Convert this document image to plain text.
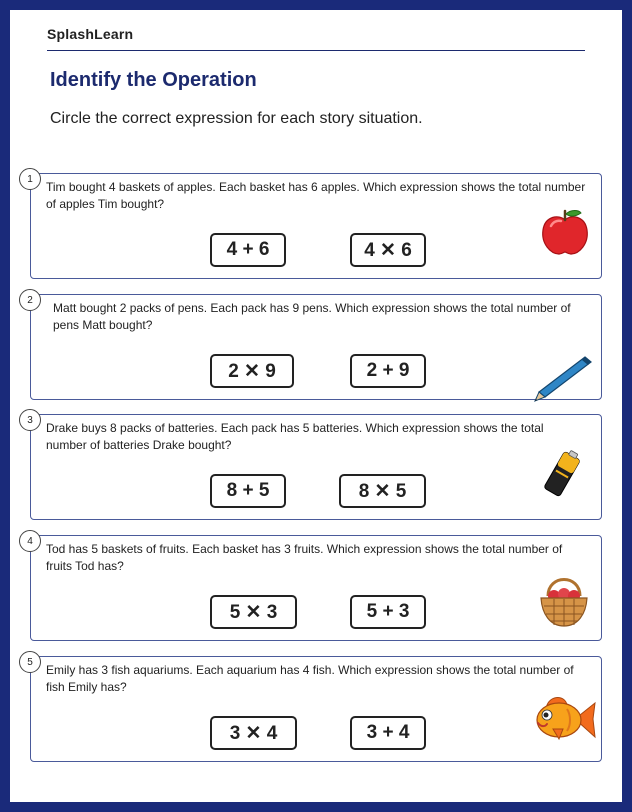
SplashLearn
Identify the Operation
Circle the correct expression for each story situation.
1
Tim bought 4 baskets of apples. Each basket has 6 apples. Which expression shows the total number of apples Tim bought?
4 + 6	4 ✕ 6
2
Matt bought 2 packs of pens. Each pack has 9 pens. Which expression shows the total number of pens Matt bought?
2 ✕ 9	2 + 9
3
Drake buys 8 packs of batteries. Each pack has 5 batteries. Which expression shows the total number of batteries Drake bought?
8 + 5	8 ✕ 5
4
Tod has 5 baskets of fruits. Each basket has 3 fruits. Which expression shows the total number of fruits Tod has?
5 ✕ 3	5 + 3
5
Emily has 3 fish aquariums. Each aquarium has 4 fish. Which expression shows the total number of fish Emily has?
3 ✕ 4	3 + 4
